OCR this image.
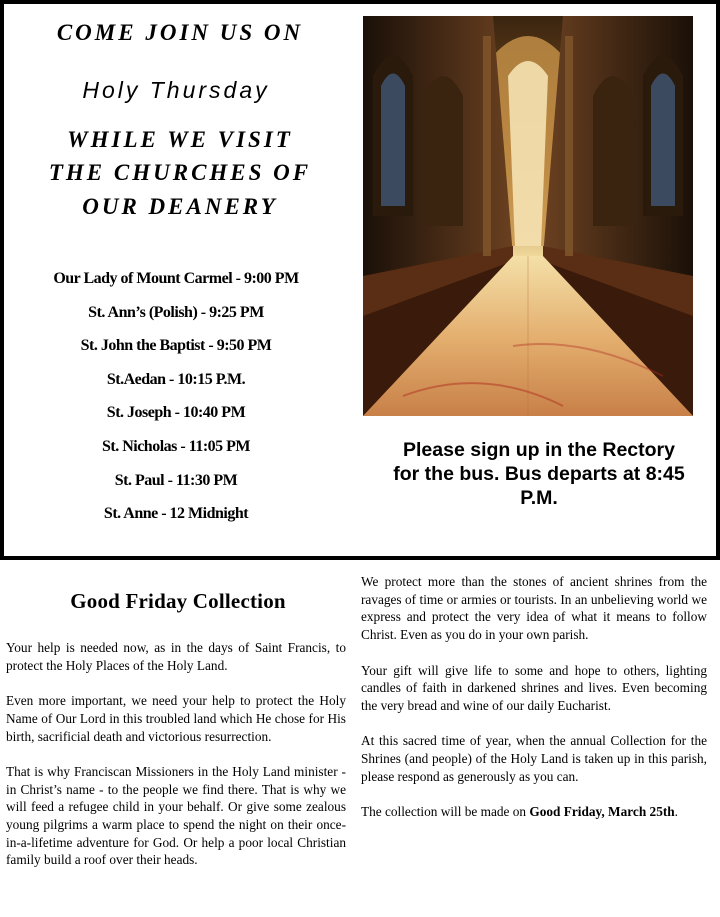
COME JOIN US ON
Holy Thursday
WHILE WE VISIT
THE CHURCHES OF
OUR DEANERY
Our Lady of Mount Carmel - 9:00 PM
St. Ann’s (Polish) - 9:25 PM
St. John the Baptist - 9:50 PM
St.Aedan - 10:15 P.M.
St. Joseph - 10:40 PM
St. Nicholas - 11:05 PM
St. Paul - 11:30 PM
St. Anne - 12 Midnight
Please sign up in the Rectory
for the bus. Bus departs at 8:45
P.M.
Good Friday Collection

Your help is needed now, as in the days of Saint Francis, to protect the Holy Places of the Holy Land.

Even more important, we need your help to protect the Holy Name of Our Lord in this troubled land which He chose for His birth, sacrificial death and victorious resurrection.

That is why Franciscan Missioners in the Holy Land minister - in Christ’s name - to the people we find there. That is why we will feed a refugee child in your behalf. Or give some zealous young pilgrims a warm place to spend the night on their once-in-a-lifetime adventure for God. Or help a poor local Christian family build a roof over their heads.

We protect more than the stones of ancient shrines from the ravages of time or armies or tourists. In an unbelieving world we express and protect the very idea of what it means to follow Christ. Even as you do in your own parish.

Your gift will give life to some and hope to others, lighting candles of faith in darkened shrines and lives. Even becoming the very bread and wine of our daily Eucharist.

At this sacred time of year, when the annual Collection for the Shrines (and people) of the Holy Land is taken up in this parish, please respond as generously as you can.

The collection will be made on Good Friday, March 25th.
